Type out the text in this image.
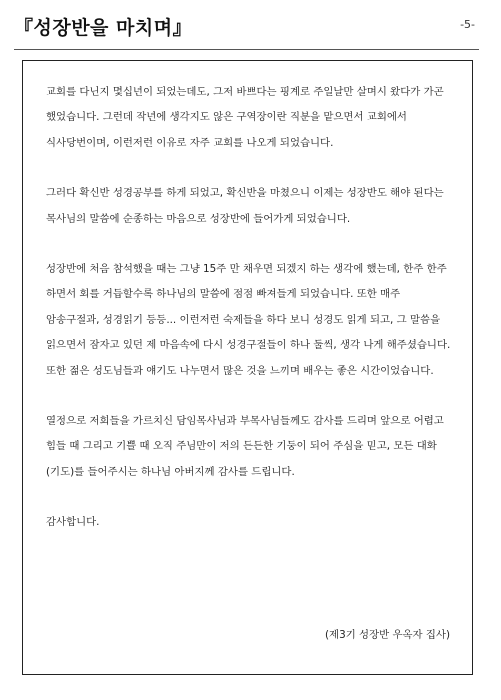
『성장반을 마치며』	-5-

교회를 다닌지 몇십년이 되었는데도, 그저 바쁘다는 핑계로 주일날만 살며시 왔다가 가곤 했었습니다. 그런데 작년에 생각지도 않은 구역장이란 직분을 맡으면서 교회에서 식사당번이며, 이런저런 이유로 자주 교회를 나오게 되었습니다.

그러다 확신반 성경공부를 하게 되었고, 확신반을 마쳤으니 이제는 성장반도 해야 된다는 목사님의 말씀에 순종하는 마음으로 성장반에 들어가게 되었습니다.

성장반에 처음 참석했을 때는 그냥 15주 만 채우면 되겠지 하는 생각에 했는데, 한주 한주 하면서 회를 거듭할수록 하나님의 말씀에 점점 빠져들게 되었습니다. 또한 매주 암송구절과, 성경읽기 등등... 이런저런 숙제들을 하다 보니 성경도 읽게 되고, 그 말씀을 읽으면서 잠자고 있던 제 마음속에 다시 성경구절들이 하나 둘씩, 생각 나게 해주셨습니다. 또한 젊은 성도님들과 얘기도 나누면서 많은 것을 느끼며 배우는 좋은 시간이었습니다.

열정으로 저희들을 가르치신 담임목사님과 부목사님들께도 감사를 드리며 앞으로 어렵고 힘들 때 그리고 기쁠 때 오직 주님만이 저의 든든한 기둥이 되어 주심을 믿고, 모든 대화(기도)를 들어주시는 하나님 아버지께 감사를 드립니다.

감사합니다.

(제3기 성장반 우옥자 집사)
